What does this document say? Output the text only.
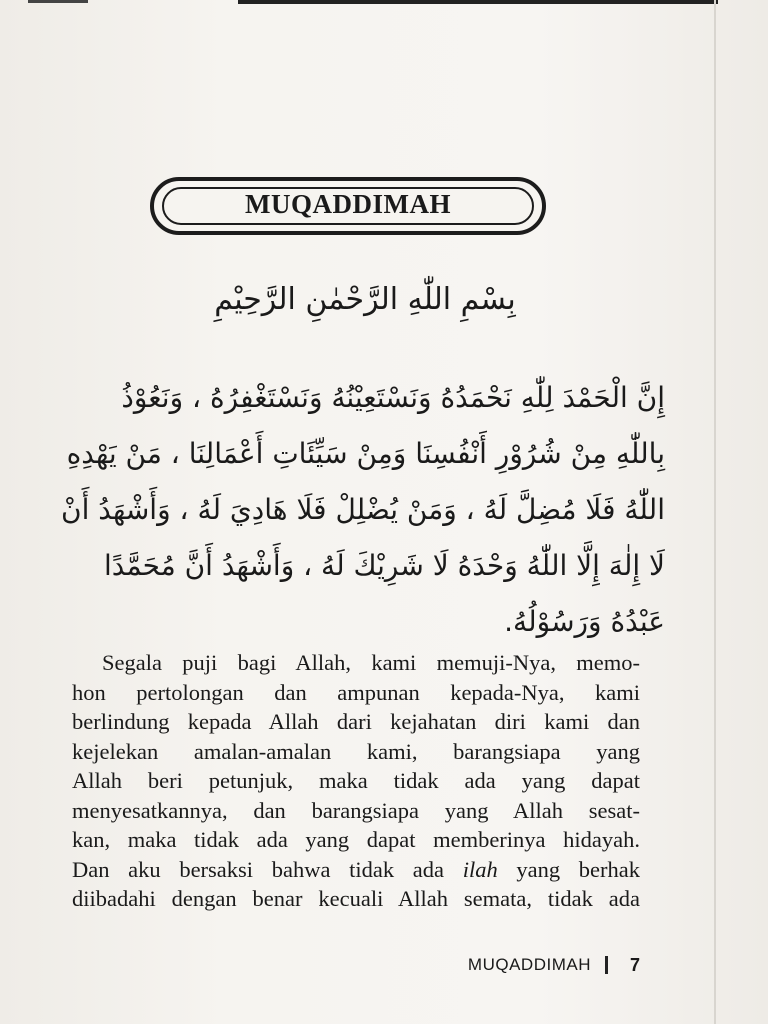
MUQADDIMAH
بِسْمِ اللّٰهِ الرَّحْمٰنِ الرَّحِيْمِ
إِنَّ الْحَمْدَ لِلّٰهِ نَحْمَدُهُ وَنَسْتَعِيْنُهُ وَنَسْتَغْفِرُهُ ، وَنَعُوْذُ
بِاللّٰهِ مِنْ شُرُوْرِ أَنْفُسِنَا وَمِنْ سَيِّئَاتِ أَعْمَالِنَا ، مَنْ يَهْدِهِ
اللّٰهُ فَلَا مُضِلَّ لَهُ ، وَمَنْ يُضْلِلْ فَلَا هَادِيَ لَهُ ، وَأَشْهَدُ أَنْ
لَا إِلٰهَ إِلَّا اللّٰهُ وَحْدَهُ لَا شَرِيْكَ لَهُ ، وَأَشْهَدُ أَنَّ مُحَمَّدًا
عَبْدُهُ وَرَسُوْلُهُ.
Segala puji bagi Allah, kami memuji-Nya, memo-
hon pertolongan dan ampunan kepada-Nya, kami
berlindung kepada Allah dari kejahatan diri kami dan
kejelekan amalan-amalan kami, barangsiapa yang
Allah beri petunjuk, maka tidak ada yang dapat
menyesatkannya, dan barangsiapa yang Allah sesat-
kan, maka tidak ada yang dapat memberinya hidayah.
Dan aku bersaksi bahwa tidak ada ilah yang berhak
diibadahi dengan benar kecuali Allah semata, tidak ada
MUQADDIMAH 7
